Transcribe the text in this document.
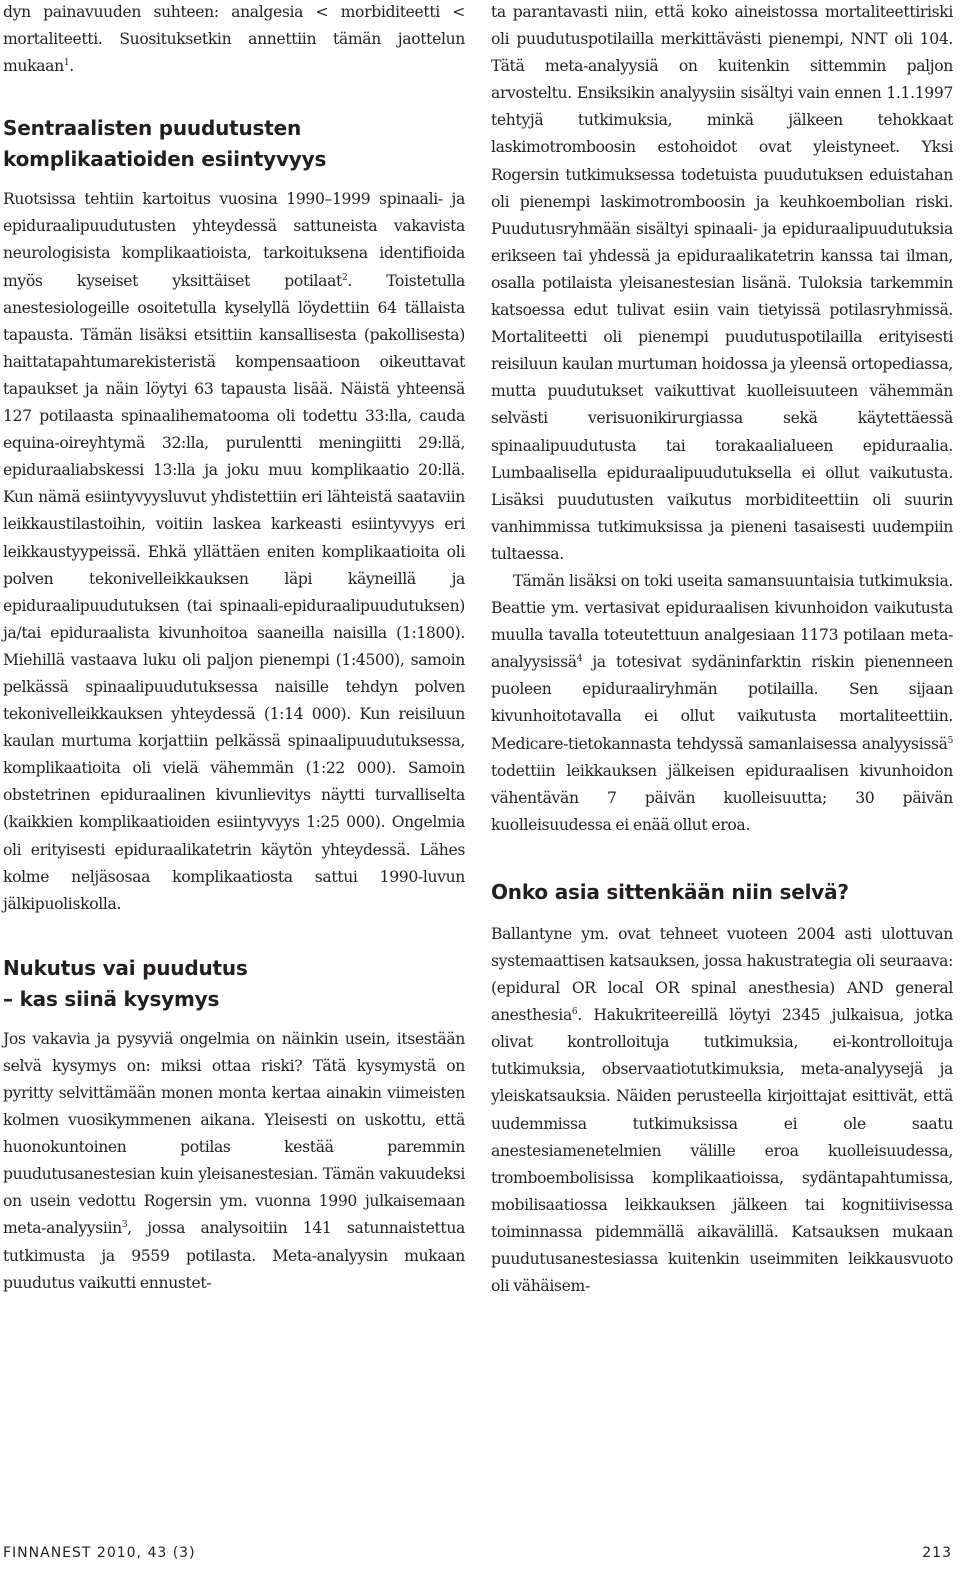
dyn painavuuden suhteen: analgesia < morbiditeetti < mortaliteetti. Suosituksetkin annettiin tämän jaottelun mukaan$^1$.

Sentraalisten puudutusten
komplikaatioiden esiintyvyys

Ruotsissa tehtiin kartoitus vuosina 1990–1999 spinaali- ja epiduraalipuudutusten yhteydessä sattuneista vakavista neurologisista komplikaatioista, tarkoituksena identifioida myös kyseiset yksittäiset potilaat$^2$. Toistetulla anestesiologeille osoitetulla kyselyllä löydettiin 64 tällaista tapausta. Tämän lisäksi etsittiin kansallisesta (pakollisesta) haittatapahtumarekisteristä kompensaatioon oikeuttavat tapaukset ja näin löytyi 63 tapausta lisää. Näistä yhteensä 127 potilaasta spinaalihematooma oli todettu 33:lla, cauda equina-oireyhtymä 32:lla, purulentti meningiitti 29:llä, epiduraaliabskessi 13:lla ja joku muu komplikaatio 20:llä. Kun nämä esiintyvyysluvut yhdistettiin eri lähteistä saataviin leikkaustilastoihin, voitiin laskea karkeasti esiintyvyys eri leikkaustyypeissä. Ehkä yllättäen eniten komplikaatioita oli polven tekonivelleikkauksen läpi käyneillä ja epiduraalipuudutuksen (tai spinaali-epiduraalipuudutuksen) ja/tai epiduraalista kivunhoitoa saaneilla naisilla (1:1800). Miehillä vastaava luku oli paljon pienempi (1:4500), samoin pelkässä spinaalipuudutuksessa naisille tehdyn polven tekonivelleikkauksen yhteydessä (1:14 000). Kun reisiluun kaulan murtuma korjattiin pelkässä spinaalipuudutuksessa, komplikaatioita oli vielä vähemmän (1:22 000). Samoin obstetrinen epiduraalinen kivunlievitys näytti turvalliselta (kaikkien komplikaatioiden esiintyvyys 1:25 000). Ongelmia oli erityisesti epiduraalikatetrin käytön yhteydessä. Lähes kolme neljäsosaa komplikaatiosta sattui 1990-luvun jälkipuoliskolla.

Nukutus vai puudutus
– kas siinä kysymys

Jos vakavia ja pysyviä ongelmia on näinkin usein, itsestään selvä kysymys on: miksi ottaa riski? Tätä kysymystä on pyritty selvittämään monen monta kertaa ainakin viimeisten kolmen vuosikymmenen aikana. Yleisesti on uskottu, että huonokuntoinen potilas kestää paremmin puudutusanestesian kuin yleisanestesian. Tämän vakuudeksi on usein vedottu Rogersin ym. vuonna 1990 julkaisemaan meta-analyysiin$^3$, jossa analysoitiin 141 satunnaistettua tutkimusta ja 9559 potilasta. Meta-analyysin mukaan puudutus vaikutti ennustet-

ta parantavasti niin, että koko aineistossa mortaliteettiriski oli puudutuspotilailla merkittävästi pienempi, NNT oli 104. Tätä meta-analyysiä on kuitenkin sittemmin paljon arvosteltu. Ensiksikin analyysiin sisältyi vain ennen 1.1.1997 tehtyjä tutkimuksia, minkä jälkeen tehokkaat laskimotromboosin estohoidot ovat yleistyneet. Yksi Rogersin tutkimuksessa todetuista puudutuksen eduistahan oli pienempi laskimotromboosin ja keuhkoembolian riski. Puudutusryhmään sisältyi spinaali- ja epiduraalipuudutuksia erikseen tai yhdessä ja epiduraalikatetrin kanssa tai ilman, osalla potilaista yleisanestesian lisänä. Tuloksia tarkemmin katsoessa edut tulivat esiin vain tietyissä potilasryhmissä. Mortaliteetti oli pienempi puudutuspotilailla erityisesti reisiluun kaulan murtuman hoidossa ja yleensä ortopediassa, mutta puudutukset vaikuttivat kuolleisuuteen vähemmän selvästi verisuonikirurgiassa sekä käytettäessä spinaalipuudutusta tai torakaalialueen epiduraalia. Lumbaalisella epiduraalipuudutuksella ei ollut vaikutusta. Lisäksi puudutusten vaikutus morbiditeettiin oli suurin vanhimmissa tutkimuksissa ja pieneni tasaisesti uudempiin tultaessa.

Tämän lisäksi on toki useita samansuuntaisia tutkimuksia. Beattie ym. vertasivat epiduraalisen kivunhoidon vaikutusta muulla tavalla toteutettuun analgesiaan 1173 potilaan meta-analyysissä$^4$ ja totesivat sydäninfarktin riskin pienenneen puoleen epiduraaliryhmän potilailla. Sen sijaan kivunhoitotavalla ei ollut vaikutusta mortaliteettiin. Medicare-tietokannasta tehdyssä samanlaisessa analyysissä$^5$ todettiin leikkauksen jälkeisen epiduraalisen kivunhoidon vähentävän 7 päivän kuolleisuutta; 30 päivän kuolleisuudessa ei enää ollut eroa.

Onko asia sittenkään niin selvä?

Ballantyne ym. ovat tehneet vuoteen 2004 asti ulottuvan systemaattisen katsauksen, jossa hakustrategia oli seuraava: (epidural OR local OR spinal anesthesia) AND general anesthesia$^6$. Hakukriteereillä löytyi 2345 julkaisua, jotka olivat kontrolloituja tutkimuksia, ei-kontrolloituja tutkimuksia, observaatiotutkimuksia, meta-analyysejä ja yleiskatsauksia. Näiden perusteella kirjoittajat esittivät, että uudemmissa tutkimuksissa ei ole saatu anestesiamenetelmien välille eroa kuolleisuudessa, tromboembolisissa komplikaatioissa, sydäntapahtumissa, mobilisaatiossa leikkauksen jälkeen tai kognitiivisessa toiminnassa pidemmällä aikavälillä. Katsauksen mukaan puudutusanestesiassa kuitenkin useimmiten leikkausvuoto oli vähäisem-

FINNANEST 2010, 43 (3)	213
